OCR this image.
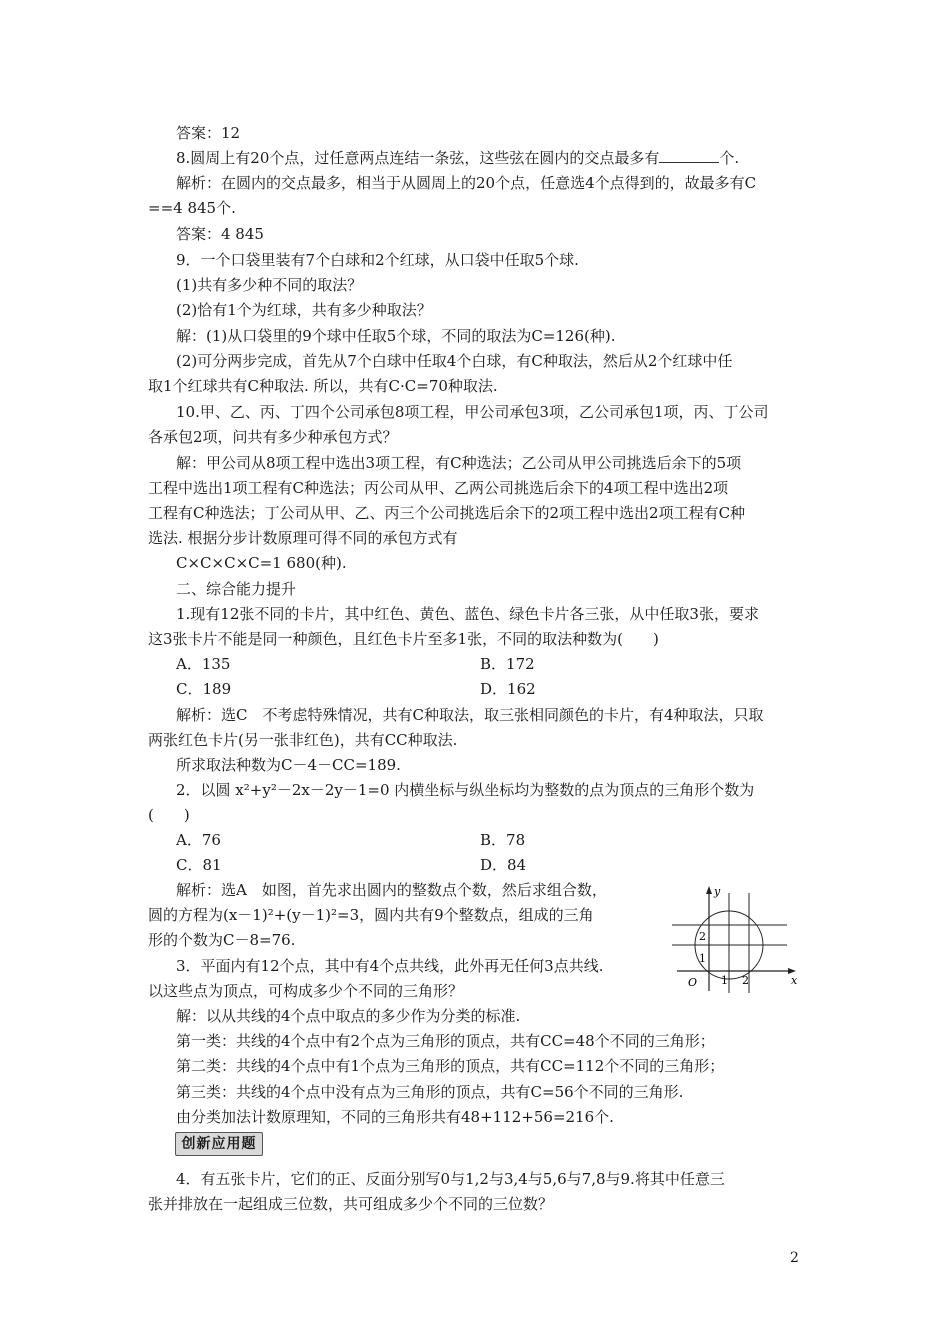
答案：12
8.圆周上有20个点，过任意两点连结一条弦，这些弦在圆内的交点最多有	个.
解析：在圆内的交点最多，相当于从圆周上的20个点，任意选4个点得到的，故最多有C
==4 845个.
答案：4 845
9．一个口袋里装有7个白球和2个红球，从口袋中任取5个球.
(1)共有多少种不同的取法？
(2)恰有1个为红球，共有多少种取法？
解：(1)从口袋里的9个球中任取5个球，不同的取法为C=126(种).
(2)可分两步完成，首先从7个白球中任取4个白球，有C种取法，然后从2个红球中任
取1个红球共有C种取法. 所以，共有C·C=70种取法.
10.甲、乙、丙、丁四个公司承包8项工程，甲公司承包3项，乙公司承包1项，丙、丁公司
各承包2项，问共有多少种承包方式？
解：甲公司从8项工程中选出3项工程，有C种选法；乙公司从甲公司挑选后余下的5项
工程中选出1项工程有C种选法；丙公司从甲、乙两公司挑选后余下的4项工程中选出2项
工程有C种选法；丁公司从甲、乙、丙三个公司挑选后余下的2项工程中选出2项工程有C种
选法. 根据分步计数原理可得不同的承包方式有
C×C×C×C=1 680(种).
二、综合能力提升
1.现有12张不同的卡片，其中红色、黄色、蓝色、绿色卡片各三张，从中任取3张，要求
这3张卡片不能是同一种颜色，且红色卡片至多1张，不同的取法种数为(　　)
A．135	B．172
C．189	D．162
解析：选C　不考虑特殊情况，共有C种取法，取三张相同颜色的卡片，有4种取法，只取
两张红色卡片(另一张非红色)，共有CC种取法.
所求取法种数为C－4－CC=189.
2．以圆 x²+y²－2x－2y－1=0 内横坐标与纵坐标均为整数的点为顶点的三角形个数为
(　　)
A．76	B．78
C．81	D．84
解析：选A　如图，首先求出圆内的整数点个数，然后求组合数，
圆的方程为(x－1)²+(y－1)²=3，圆内共有9个整数点，组成的三角
形的个数为C－8=76.
3．平面内有12个点，其中有4个点共线，此外再无任何3点共线.
以这些点为顶点，可构成多少个不同的三角形？
解：以从共线的4个点中取点的多少作为分类的标准.
第一类：共线的4个点中有2个点为三角形的顶点，共有CC=48个不同的三角形；
第二类：共线的4个点中有1个点为三角形的顶点，共有CC=112个不同的三角形；
第三类：共线的4个点中没有点为三角形的顶点，共有C=56个不同的三角形.
由分类加法计数原理知，不同的三角形共有48+112+56=216个.
创新应用题
4．有五张卡片，它们的正、反面分别写0与1,2与3,4与5,6与7,8与9.将其中任意三
张并排放在一起组成三位数，共可组成多少个不同的三位数？
2
y
x
O 1 2
1
2
